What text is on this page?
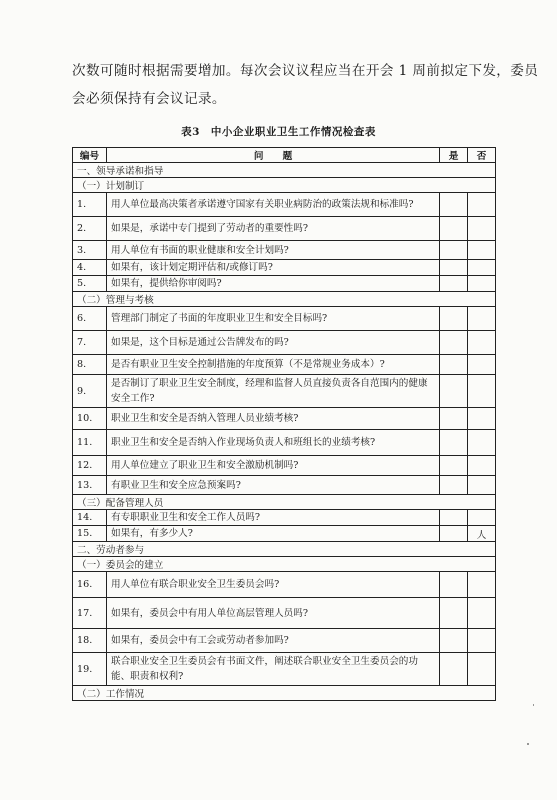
次数可随时根据需要增加。每次会议议程应当在开会 1 周前拟定下发，委员
会必须保持有会议记录。
表3　中小企业职业卫生工作情况检查表
编号	问　　题	是	否
一、领导承诺和指导			
（一）计划制订			
1.	用人单位最高决策者承诺遵守国家有关职业病防治的政策法规和标准吗?		
2.	如果是，承诺中专门提到了劳动者的重要性吗?		
3.	用人单位有书面的职业健康和安全计划吗?		
4.	如果有，该计划定期评估和/或修订吗?		
5.	如果有，提供给你审阅吗?		
（二）管理与考核			
6.	管理部门制定了书面的年度职业卫生和安全目标吗?		
7.	如果是，这个目标是通过公告牌发布的吗?		
8.	是否有职业卫生安全控制措施的年度预算（不是常规业务成本）?		
9.	是否制订了职业卫生安全制度，经理和监督人员直接负责各自范围内的健康安全工作?		
10.	职业卫生和安全是否纳入管理人员业绩考核?		
11.	职业卫生和安全是否纳入作业现场负责人和班组长的业绩考核?		
12.	用人单位建立了职业卫生和安全激励机制吗?		
13.	有职业卫生和安全应急预案吗?		
（三）配备管理人员			
14.	有专职职业卫生和安全工作人员吗?		
15.	如果有，有多少人?		人
二、劳动者参与			
（一）委员会的建立			
16.	用人单位有联合职业安全卫生委员会吗?		
17.	如果有，委员会中有用人单位高层管理人员吗?		
18.	如果有，委员会中有工会或劳动者参加吗?		
19.	联合职业安全卫生委员会有书面文件，阐述联合职业安全卫生委员会的功能、职责和权利?		
（二）工作情况			
